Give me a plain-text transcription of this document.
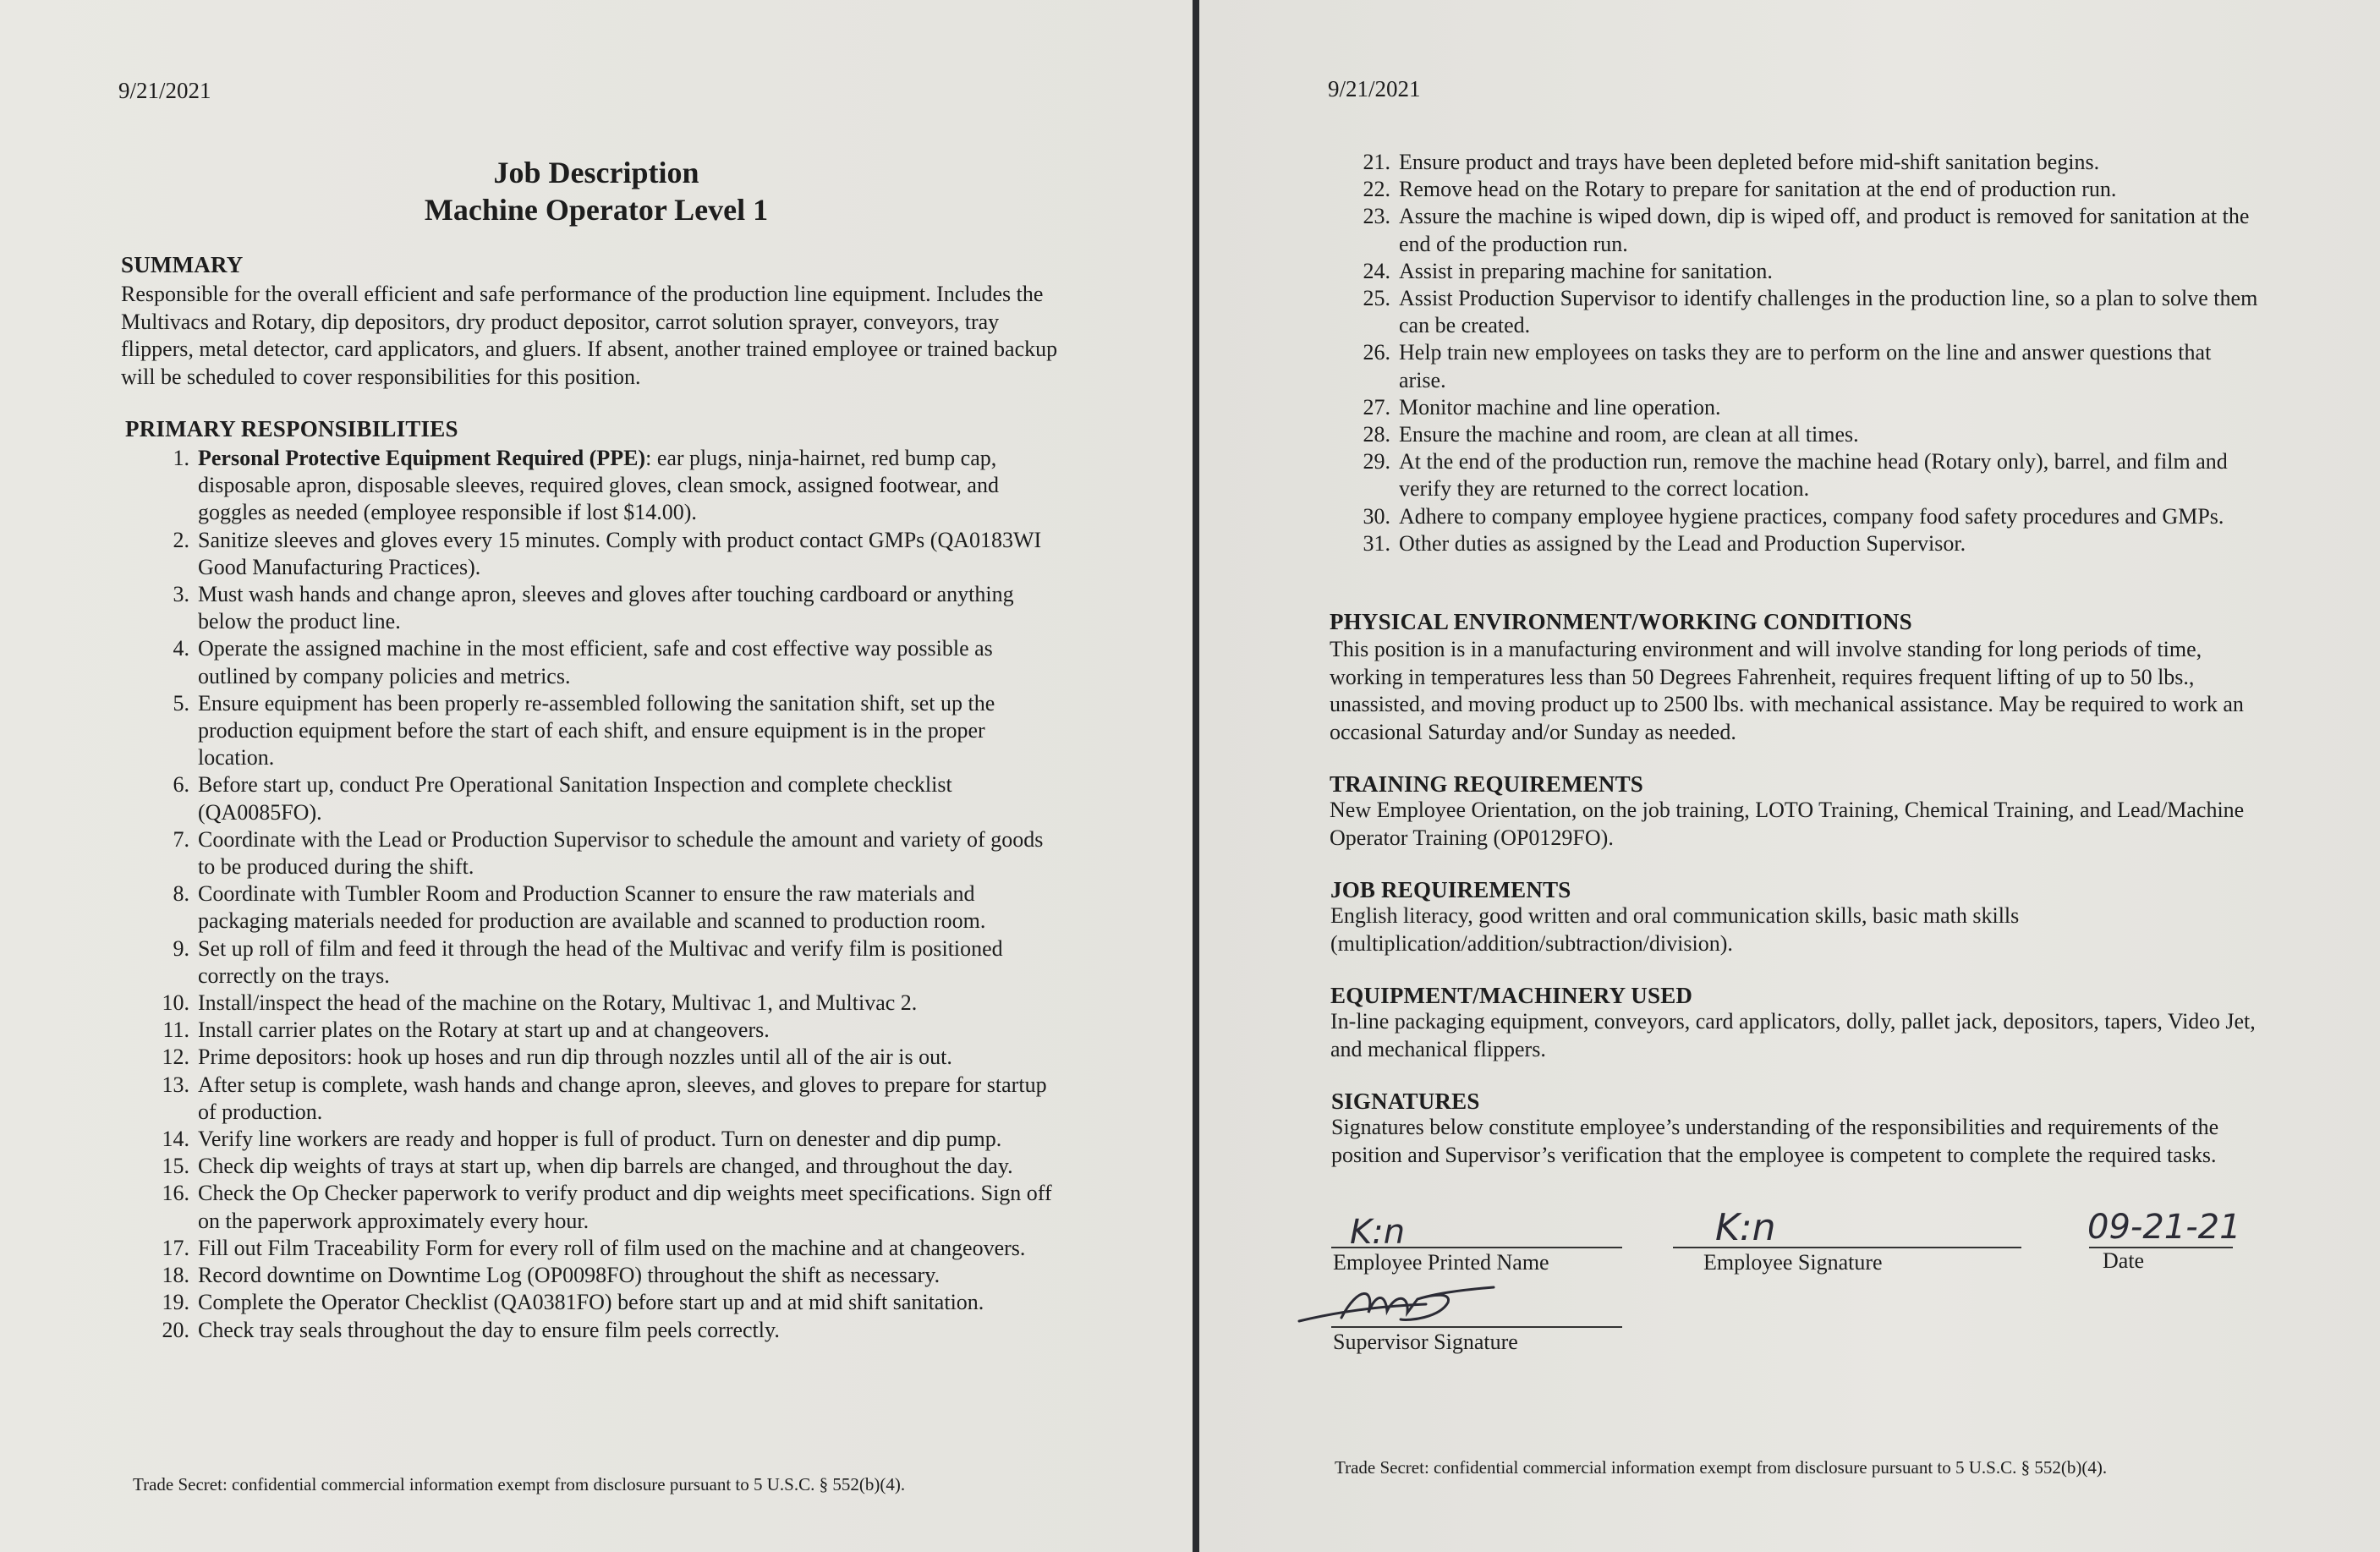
9/21/2021
Job Description
Machine Operator Level 1
SUMMARY
Responsible for the overall efficient and safe performance of the production line equipment. Includes the Multivacs and Rotary, dip depositors, dry product depositor, carrot solution sprayer, conveyors, tray flippers, metal detector, card applicators, and gluers. If absent, another trained employee or trained backup will be scheduled to cover responsibilities for this position.
PRIMARY RESPONSIBILITIES
1. Personal Protective Equipment Required (PPE): ear plugs, ninja-hairnet, red bump cap, disposable apron, disposable sleeves, required gloves, clean smock, assigned footwear, and goggles as needed (employee responsible if lost $14.00).
2. Sanitize sleeves and gloves every 15 minutes. Comply with product contact GMPs (QA0183WI Good Manufacturing Practices).
3. Must wash hands and change apron, sleeves and gloves after touching cardboard or anything below the product line.
4. Operate the assigned machine in the most efficient, safe and cost effective way possible as outlined by company policies and metrics.
5. Ensure equipment has been properly re-assembled following the sanitation shift, set up the production equipment before the start of each shift, and ensure equipment is in the proper location.
6. Before start up, conduct Pre Operational Sanitation Inspection and complete checklist (QA0085FO).
7. Coordinate with the Lead or Production Supervisor to schedule the amount and variety of goods to be produced during the shift.
8. Coordinate with Tumbler Room and Production Scanner to ensure the raw materials and packaging materials needed for production are available and scanned to production room.
9. Set up roll of film and feed it through the head of the Multivac and verify film is positioned correctly on the trays.
10. Install/inspect the head of the machine on the Rotary, Multivac 1, and Multivac 2.
11. Install carrier plates on the Rotary at start up and at changeovers.
12. Prime depositors: hook up hoses and run dip through nozzles until all of the air is out.
13. After setup is complete, wash hands and change apron, sleeves, and gloves to prepare for startup of production.
14. Verify line workers are ready and hopper is full of product. Turn on denester and dip pump.
15. Check dip weights of trays at start up, when dip barrels are changed, and throughout the day.
16. Check the Op Checker paperwork to verify product and dip weights meet specifications. Sign off on the paperwork approximately every hour.
17. Fill out Film Traceability Form for every roll of film used on the machine and at changeovers.
18. Record downtime on Downtime Log (OP0098FO) throughout the shift as necessary.
19. Complete the Operator Checklist (QA0381FO) before start up and at mid shift sanitation.
20. Check tray seals throughout the day to ensure film peels correctly.
Trade Secret: confidential commercial information exempt from disclosure pursuant to 5 U.S.C. § 552(b)(4).
9/21/2021
21. Ensure product and trays have been depleted before mid-shift sanitation begins.
22. Remove head on the Rotary to prepare for sanitation at the end of production run.
23. Assure the machine is wiped down, dip is wiped off, and product is removed for sanitation at the end of the production run.
24. Assist in preparing machine for sanitation.
25. Assist Production Supervisor to identify challenges in the production line, so a plan to solve them can be created.
26. Help train new employees on tasks they are to perform on the line and answer questions that arise.
27. Monitor machine and line operation.
28. Ensure the machine and room, are clean at all times.
29. At the end of the production run, remove the machine head (Rotary only), barrel, and film and verify they are returned to the correct location.
30. Adhere to company employee hygiene practices, company food safety procedures and GMPs.
31. Other duties as assigned by the Lead and Production Supervisor.
PHYSICAL ENVIRONMENT/WORKING CONDITIONS
This position is in a manufacturing environment and will involve standing for long periods of time, working in temperatures less than 50 Degrees Fahrenheit, requires frequent lifting of up to 50 lbs., unassisted, and moving product up to 2500 lbs. with mechanical assistance. May be required to work an occasional Saturday and/or Sunday as needed.
TRAINING REQUIREMENTS
New Employee Orientation, on the job training, LOTO Training, Chemical Training, and Lead/Machine Operator Training (OP0129FO).
JOB REQUIREMENTS
English literacy, good written and oral communication skills, basic math skills (multiplication/addition/subtraction/division).
EQUIPMENT/MACHINERY USED
In-line packaging equipment, conveyors, card applicators, dolly, pallet jack, depositors, tapers, Video Jet, and mechanical flippers.
SIGNATURES
Signatures below constitute employee’s understanding of the responsibilities and requirements of the position and Supervisor’s verification that the employee is competent to complete the required tasks.
K:n	K:n	09-21-21
Employee Printed Name	Employee Signature	Date
Supervisor Signature
Trade Secret: confidential commercial information exempt from disclosure pursuant to 5 U.S.C. § 552(b)(4).
